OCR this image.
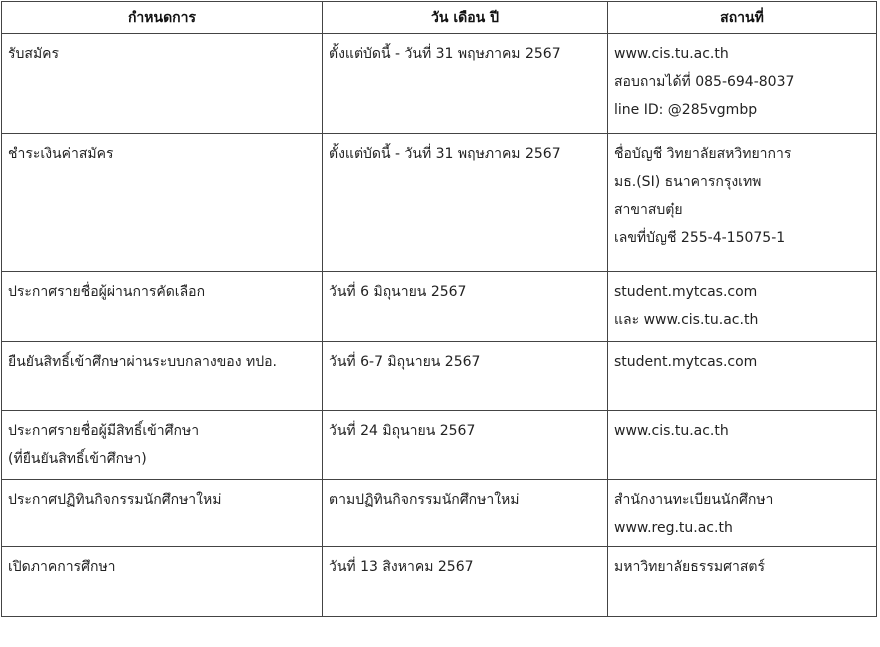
กำหนดการ	วัน เดือน ปี	สถานที่

รับสมัคร	ตั้งแต่บัดนี้ - วันที่ 31 พฤษภาคม 2567	www.cis.tu.ac.th
สอบถามได้ที่ 085-694-8037
line ID: @285vgmbp

ชำระเงินค่าสมัคร	ตั้งแต่บัดนี้ - วันที่ 31 พฤษภาคม 2567	ชื่อบัญชี วิทยาลัยสหวิทยาการ
มธ.(SI) ธนาคารกรุงเทพ
สาขาสบตุ๋ย
เลขที่บัญชี 255-4-15075-1

ประกาศรายชื่อผู้ผ่านการคัดเลือก	วันที่ 6 มิถุนายน 2567	student.mytcas.com
และ www.cis.tu.ac.th

ยืนยันสิทธิ์เข้าศึกษาผ่านระบบกลางของ ทปอ.	วันที่ 6-7 มิถุนายน 2567	student.mytcas.com

ประกาศรายชื่อผู้มีสิทธิ์เข้าศึกษา
(ที่ยืนยันสิทธิ์เข้าศึกษา)	วันที่ 24 มิถุนายน 2567	www.cis.tu.ac.th

ประกาศปฏิทินกิจกรรมนักศึกษาใหม่	ตามปฏิทินกิจกรรมนักศึกษาใหม่	สำนักงานทะเบียนนักศึกษา
www.reg.tu.ac.th

เปิดภาคการศึกษา	วันที่ 13 สิงหาคม 2567	มหาวิทยาลัยธรรมศาสตร์
